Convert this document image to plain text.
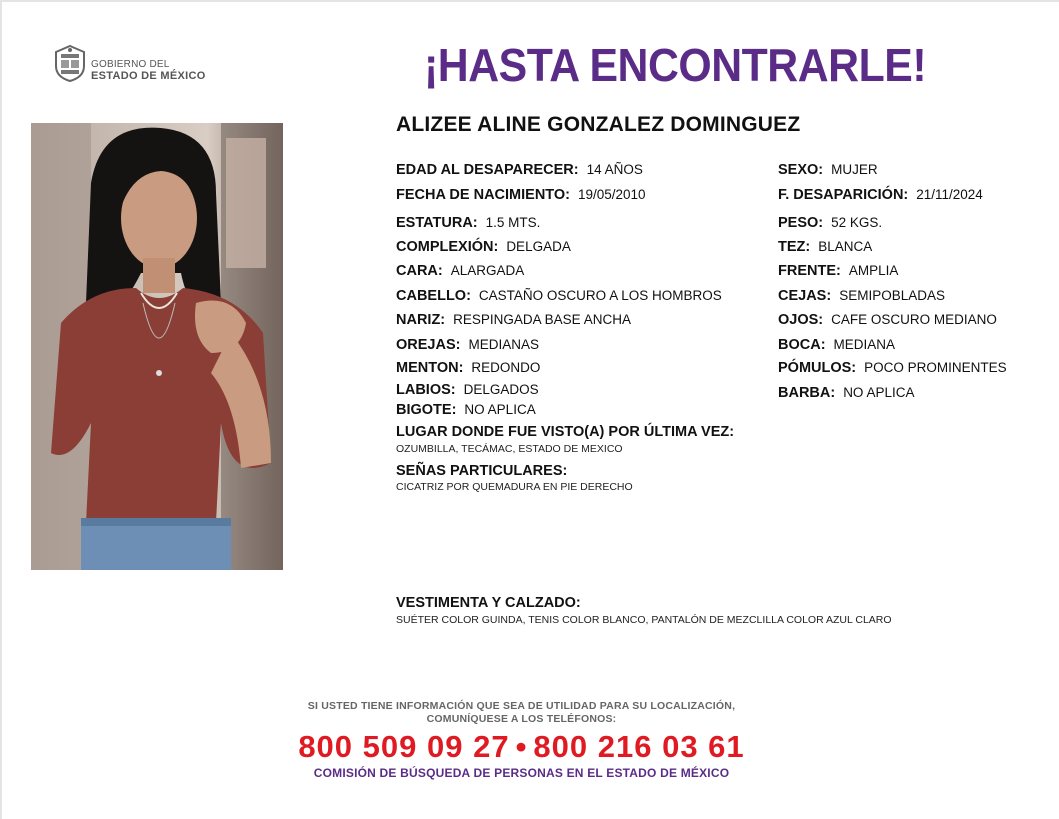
GOBIERNO DEL
ESTADO DE MÉXICO	¡HASTA ENCONTRARLE!
ALIZEE ALINE GONZALEZ DOMINGUEZ
EDAD AL DESAPARECER: 14 AÑOS
FECHA DE NACIMIENTO: 19/05/2010
ESTATURA: 1.5 MTS.
COMPLEXIÓN: DELGADA
CARA: ALARGADA
CABELLO: CASTAÑO OSCURO A LOS HOMBROS
NARIZ: RESPINGADA BASE ANCHA
OREJAS: MEDIANAS
MENTON: REDONDO
LABIOS: DELGADOS
BIGOTE: NO APLICA
SEXO: MUJER
F. DESAPARICIÓN: 21/11/2024
PESO: 52 KGS.
TEZ: BLANCA
FRENTE: AMPLIA
CEJAS: SEMIPOBLADAS
OJOS: CAFE OSCURO MEDIANO
BOCA: MEDIANA
PÓMULOS: POCO PROMINENTES
BARBA: NO APLICA
LUGAR DONDE FUE VISTO(A) POR ÚLTIMA VEZ:
OZUMBILLA, TECÁMAC, ESTADO DE MEXICO
SEÑAS PARTICULARES:
CICATRIZ POR QUEMADURA EN PIE DERECHO
VESTIMENTA Y CALZADO:
SUÉTER COLOR GUINDA, TENIS COLOR BLANCO, PANTALÓN DE MEZCLILLA COLOR AZUL CLARO
SI USTED TIENE INFORMACIÓN QUE SEA DE UTILIDAD PARA SU LOCALIZACIÓN,
COMUNÍQUESE A LOS TELÉFONOS:
800 509 09 27 • 800 216 03 61
COMISIÓN DE BÚSQUEDA DE PERSONAS EN EL ESTADO DE MÉXICO
